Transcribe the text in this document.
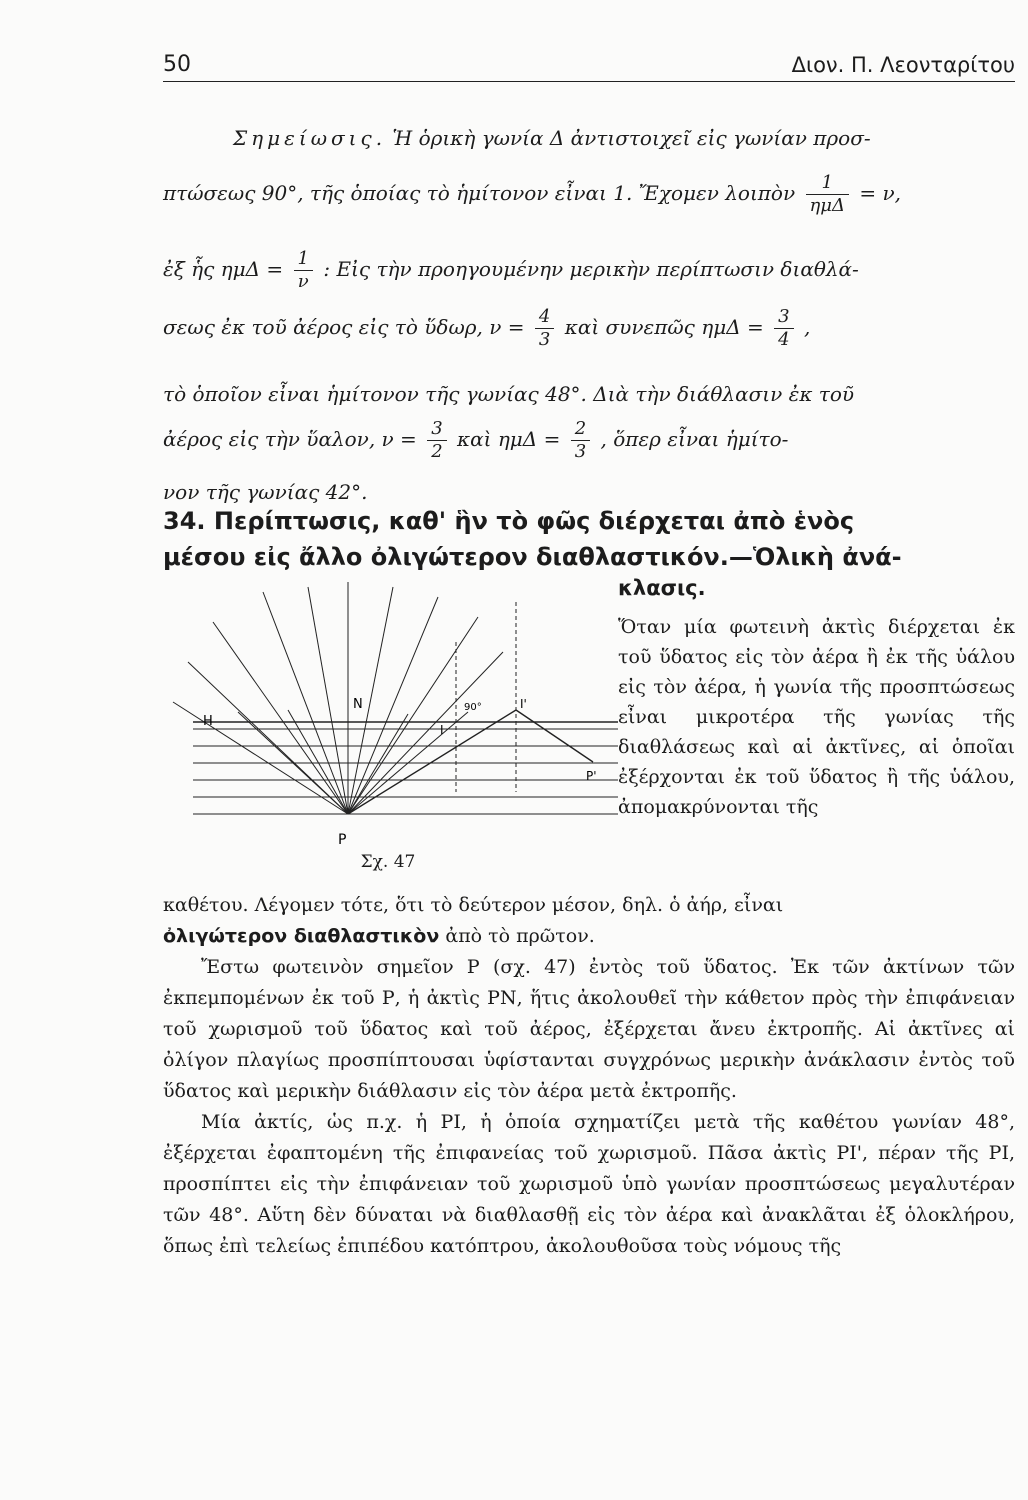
50	Διον. Π. Λεονταρίτου
Σημείωσις. Ἡ ὁρικὴ γωνία Δ ἀντιστοιχεῖ εἰς γωνίαν προσ-
πτώσεως 90°, τῆς ὁποίας τὸ ἡμίτονον εἶναι 1. Ἔχομεν λοιπὸν $\frac{1}{\text{ημΔ}} = \nu$,
ἐξ ἧς $\eta\mu\Delta = \frac{1}{\nu}$ : Εἰς τὴν προηγουμένην μερικὴν περίπτωσιν διαθλά-
σεως ἐκ τοῦ ἀέρος εἰς τὸ ὕδωρ, $\nu = \frac{4}{3}$ καὶ συνεπῶς $\eta\mu\Delta = \frac{3}{4}$ ,
τὸ ὁποῖον εἶναι ἡμίτονον τῆς γωνίας 48°. Διὰ τὴν διάθλασιν ἐκ τοῦ
ἀέρος εἰς τὴν ὕαλον, $\nu = \frac{3}{2}$ καὶ $\eta\mu\Delta = \frac{2}{3}$ , ὅπερ εἶναι ἡμίτο-
νον τῆς γωνίας 42°.
34. Περίπτωσις, καθ' ἣν τὸ φῶς διέρχεται ἀπὸ ἑνὸς
μέσου εἰς ἄλλο ὀλιγώτερον διαθλαστικόν.—Ὁλικὴ ἀνά-
κλασις.
Ρ
N
H
I
I'
P'
90°
Σχ. 47
Ὅταν μία φωτεινὴ ἀκτὶς διέρχεται ἐκ τοῦ ὕδατος εἰς τὸν ἀέρα ἢ ἐκ τῆς ὑάλου εἰς τὸν ἀέρα, ἡ γωνία τῆς προσπτώσεως εἶναι μικροτέρα τῆς γωνίας τῆς διαθλάσεως καὶ αἱ ἀκτῖνες, αἱ ὁποῖαι ἐξέρχονται ἐκ τοῦ ὕδατος ἢ τῆς ὑάλου, ἀπομακρύνονται τῆς

καθέτου. Λέγομεν τότε, ὅτι τὸ δεύτερον μέσον, δηλ. ὁ ἀήρ, εἶναι

ὀλιγώτερον διαθλαστικὸν ἀπὸ τὸ πρῶτον.

Ἔστω φωτεινὸν σημεῖον Ρ (σχ. 47) ἐντὸς τοῦ ὕδατος. Ἐκ τῶν ἀκτίνων τῶν ἐκπεμπομένων ἐκ τοῦ Ρ, ἡ ἀκτὶς ΡΝ, ἥτις ἀκολουθεῖ τὴν κάθετον πρὸς τὴν ἐπιφάνειαν τοῦ χωρισμοῦ τοῦ ὕδατος καὶ τοῦ ἀέρος, ἐξέρχεται ἄνευ ἐκτροπῆς. Αἱ ἀκτῖνες αἱ ὀλίγον πλαγίως προσπίπτουσαι ὑφίστανται συγχρόνως μερικὴν ἀνάκλασιν ἐντὸς τοῦ ὕδατος καὶ μερικὴν διάθλασιν εἰς τὸν ἀέρα μετὰ ἐκτροπῆς.

Μία ἀκτίς, ὡς π.χ. ἡ ΡΙ, ἡ ὁποία σχηματίζει μετὰ τῆς καθέτου γωνίαν 48°, ἐξέρχεται ἐφαπτομένη τῆς ἐπιφανείας τοῦ χωρισμοῦ. Πᾶσα ἀκτὶς ΡΙ', πέραν τῆς ΡΙ, προσπίπτει εἰς τὴν ἐπιφάνειαν τοῦ χωρισμοῦ ὑπὸ γωνίαν προσπτώσεως μεγαλυτέραν τῶν 48°. Αὕτη δὲν δύναται νὰ διαθλασθῇ εἰς τὸν ἀέρα καὶ ἀνακλᾶται ἐξ ὁλοκλήρου, ὅπως ἐπὶ τελείως ἐπιπέδου κατόπτρου, ἀκολουθοῦσα τοὺς νόμους τῆς
